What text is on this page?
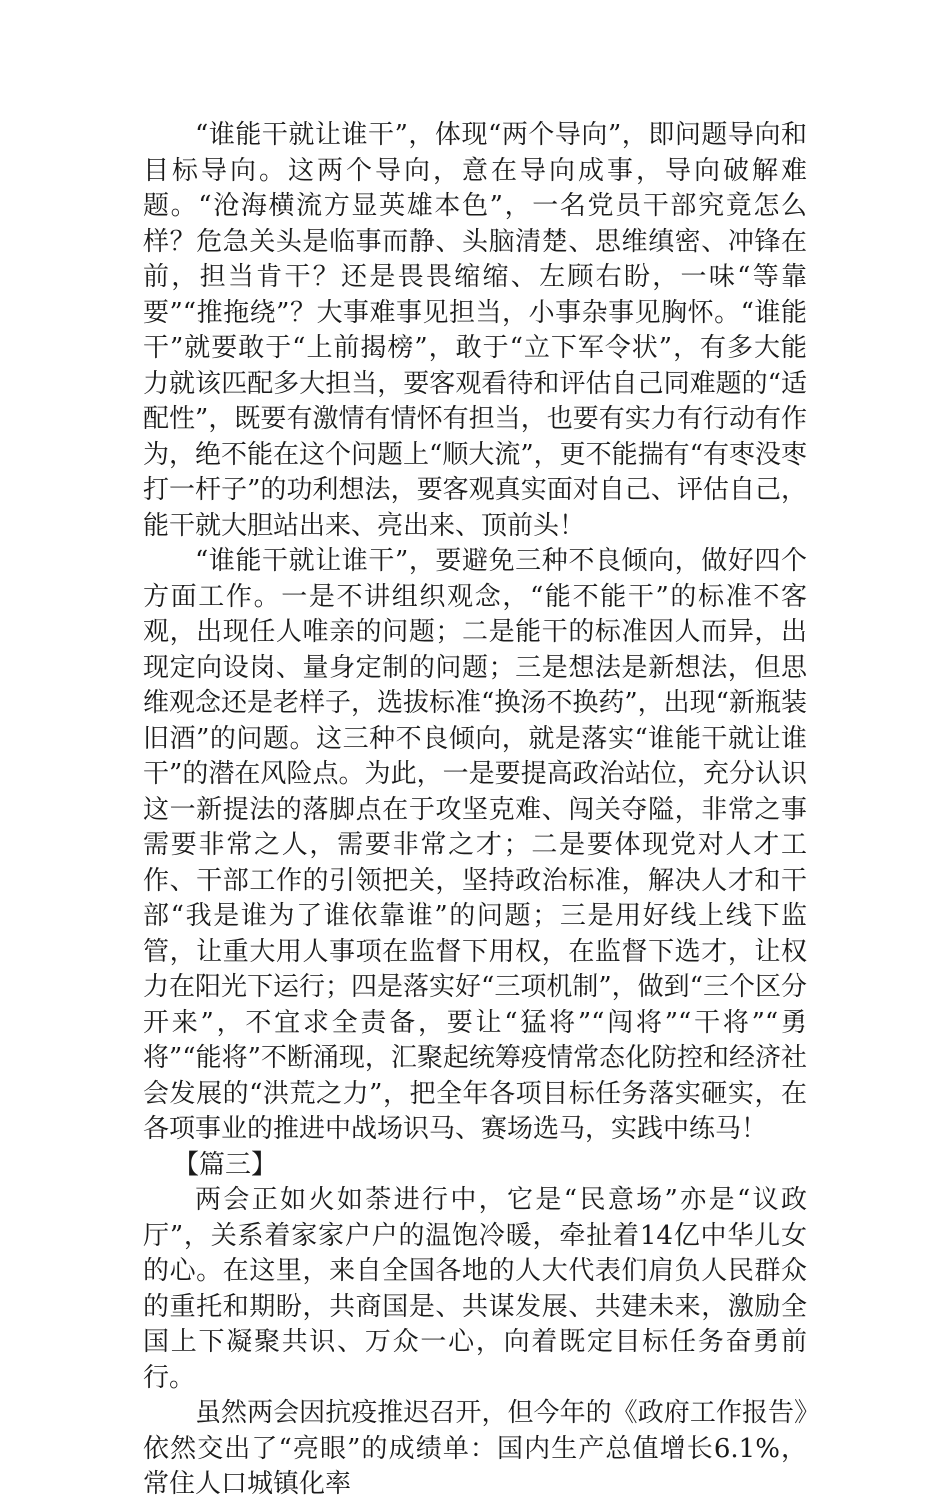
“谁能干就让谁干”，体现“两个导向”，即问题导向和目标导向。这两个导向，意在导向成事，导向破解难题。“沧海横流方显英雄本色”，一名党员干部究竟怎么样？危急关头是临事而静、头脑清楚、思维缜密、冲锋在前，担当肯干？还是畏畏缩缩、左顾右盼，一味“等靠要”“推拖绕”？大事难事见担当，小事杂事见胸怀。“谁能干”就要敢于“上前揭榜”，敢于“立下军令状”，有多大能力就该匹配多大担当，要客观看待和评估自己同难题的“适配性”，既要有激情有情怀有担当，也要有实力有行动有作为，绝不能在这个问题上“顺大流”，更不能揣有“有枣没枣打一杆子”的功利想法，要客观真实面对自己、评估自己，能干就大胆站出来、亮出来、顶前头！

“谁能干就让谁干”，要避免三种不良倾向，做好四个方面工作。一是不讲组织观念，“能不能干”的标准不客观，出现任人唯亲的问题；二是能干的标准因人而异，出现定向设岗、量身定制的问题；三是想法是新想法，但思维观念还是老样子，选拔标准“换汤不换药”，出现“新瓶装旧酒”的问题。这三种不良倾向，就是落实“谁能干就让谁干”的潜在风险点。为此，一是要提高政治站位，充分认识这一新提法的落脚点在于攻坚克难、闯关夺隘，非常之事需要非常之人，需要非常之才；二是要体现党对人才工作、干部工作的引领把关，坚持政治标准，解决人才和干部“我是谁为了谁依靠谁”的问题；三是用好线上线下监管，让重大用人事项在监督下用权，在监督下选才，让权力在阳光下运行；四是落实好“三项机制”，做到“三个区分开来”，不宜求全责备，要让“猛将”“闯将”“干将”“勇将”“能将”不断涌现，汇聚起统筹疫情常态化防控和经济社会发展的“洪荒之力”，把全年各项目标任务落实砸实，在各项事业的推进中战场识马、赛场选马，实践中练马！

【篇三】

两会正如火如荼进行中，它是“民意场”亦是“议政厅”，关系着家家户户的温饱冷暖，牵扯着14亿中华儿女的心。在这里，来自全国各地的人大代表们肩负人民群众的重托和期盼，共商国是、共谋发展、共建未来，激励全国上下凝聚共识、万众一心，向着既定目标任务奋勇前行。

虽然两会因抗疫推迟召开，但今年的《政府工作报告》依然交出了“亮眼”的成绩单：国内生产总值增长6.1%，常住人口城镇化率
